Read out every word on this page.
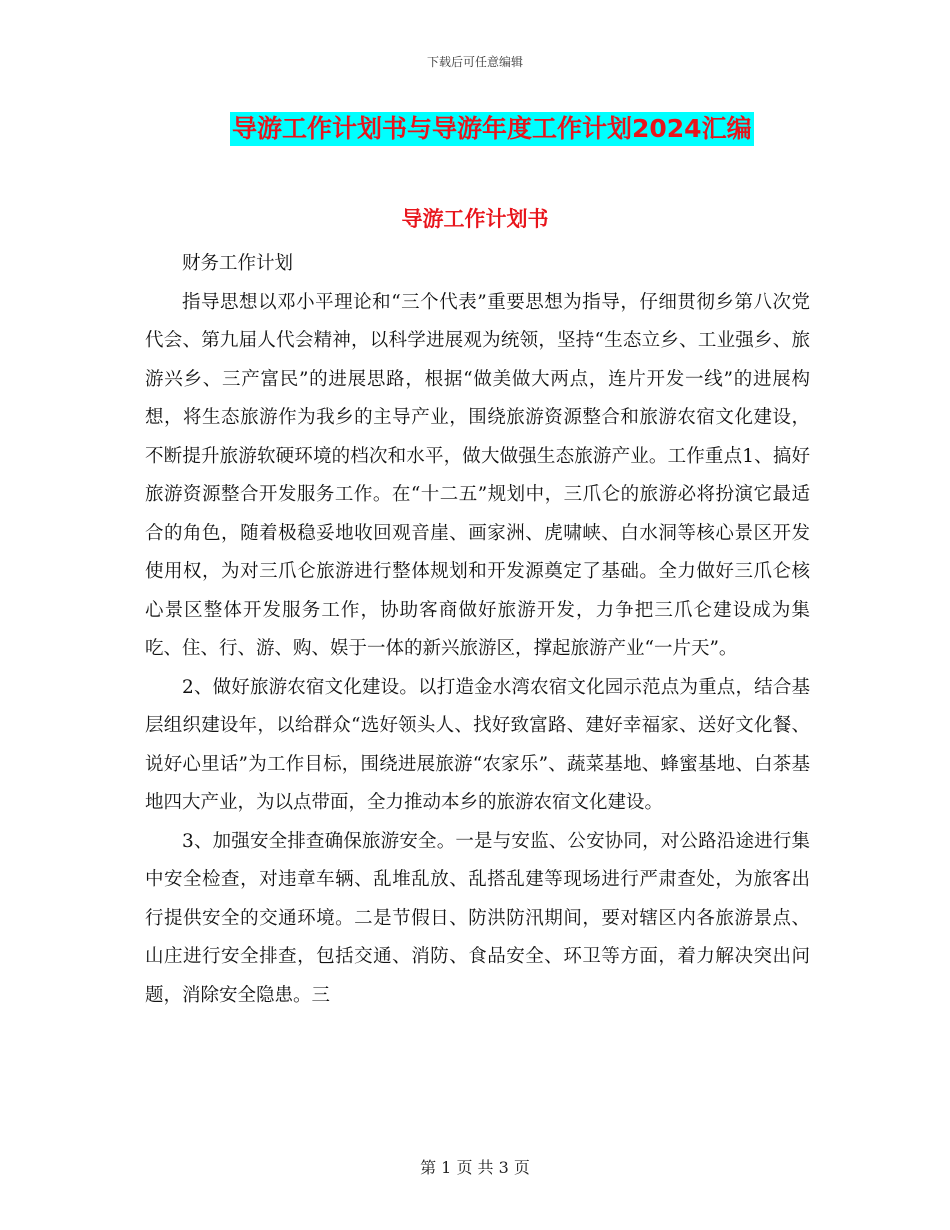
下载后可任意编辑
导游工作计划书与导游年度工作计划2024汇编
导游工作计划书

财务工作计划

指导思想以邓小平理论和“三个代表”重要思想为指导，仔细贯彻乡第八次党代会、第九届人代会精神，以科学进展观为统领，坚持“生态立乡、工业强乡、旅游兴乡、三产富民”的进展思路，根据“做美做大两点，连片开发一线”的进展构想，将生态旅游作为我乡的主导产业，围绕旅游资源整合和旅游农宿文化建设，不断提升旅游软硬环境的档次和水平，做大做强生态旅游产业。工作重点1、搞好旅游资源整合开发服务工作。在“十二五”规划中，三爪仑的旅游必将扮演它最适合的角色，随着极稳妥地收回观音崖、画家洲、虎啸峡、白水洞等核心景区开发使用权，为对三爪仑旅游进行整体规划和开发源奠定了基础。全力做好三爪仑核心景区整体开发服务工作，协助客商做好旅游开发，力争把三爪仑建设成为集吃、住、行、游、购、娱于一体的新兴旅游区，撑起旅游产业“一片天”。

2、做好旅游农宿文化建设。以打造金水湾农宿文化园示范点为重点，结合基层组织建设年，以给群众“选好领头人、找好致富路、建好幸福家、送好文化餐、说好心里话”为工作目标，围绕进展旅游“农家乐”、蔬菜基地、蜂蜜基地、白茶基地四大产业，为以点带面，全力推动本乡的旅游农宿文化建设。

3、加强安全排查确保旅游安全。一是与安监、公安协同，对公路沿途进行集中安全检查，对违章车辆、乱堆乱放、乱搭乱建等现场进行严肃查处，为旅客出行提供安全的交通环境。二是节假日、防洪防汛期间，要对辖区内各旅游景点、山庄进行安全排查，包括交通、消防、食品安全、环卫等方面，着力解决突出问题，消除安全隐患。三

第 1 页 共 3 页
